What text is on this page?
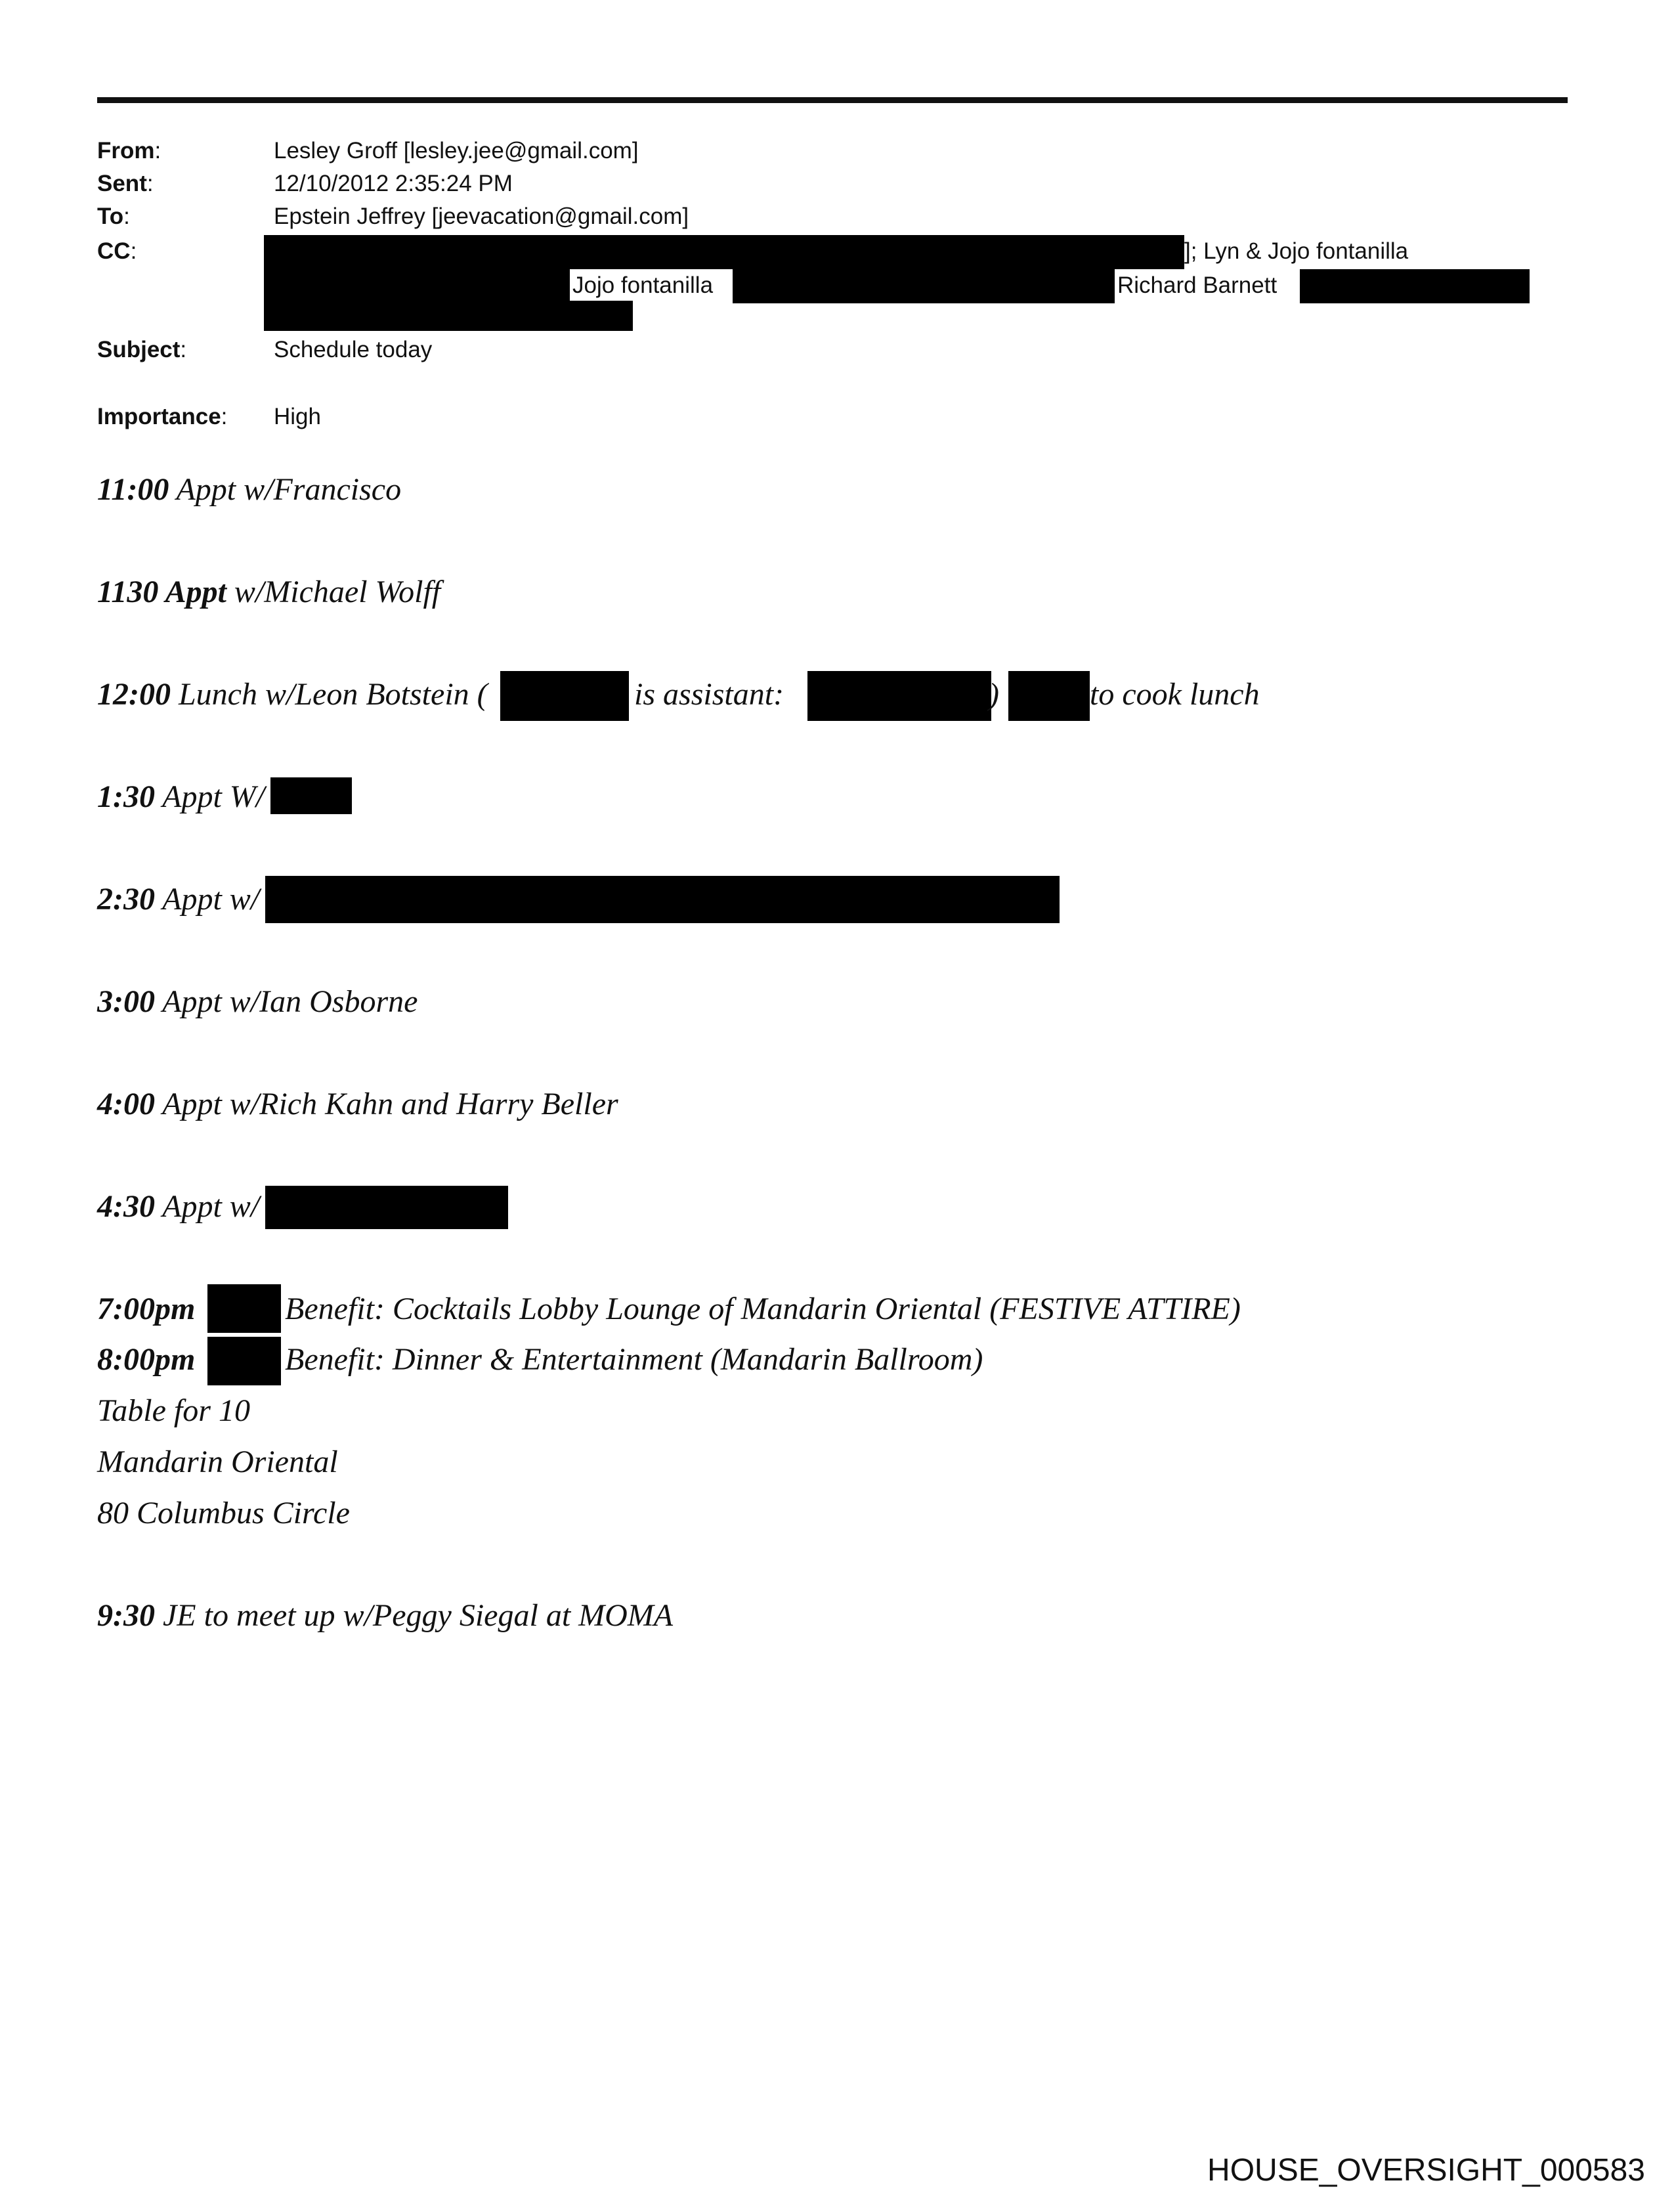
From:	Lesley Groff [lesley.jee@gmail.com]
Sent:	12/10/2012 2:35:24 PM
To:	Epstein Jeffrey [jeevacation@gmail.com]
CC:	]; Lyn & Jojo fontanilla
Jojo fontanilla	Richard Barnett
Subject:	Schedule today
Importance: High
11:00 Appt w/Francisco
1130 Appt w/Michael Wolff
12:00 Lunch w/Leon Botstein (	is assistant:	)	to cook lunch
1:30 Appt W/
2:30 Appt w/
3:00 Appt w/Ian Osborne
4:00 Appt w/Rich Kahn and Harry Beller
4:30 Appt w/
7:00pm	Benefit: Cocktails Lobby Lounge of Mandarin Oriental (FESTIVE ATTIRE)
8:00pm	Benefit: Dinner & Entertainment (Mandarin Ballroom)
Table for 10
Mandarin Oriental
80 Columbus Circle
9:30 JE to meet up w/Peggy Siegal at MOMA
HOUSE_OVERSIGHT_000583
